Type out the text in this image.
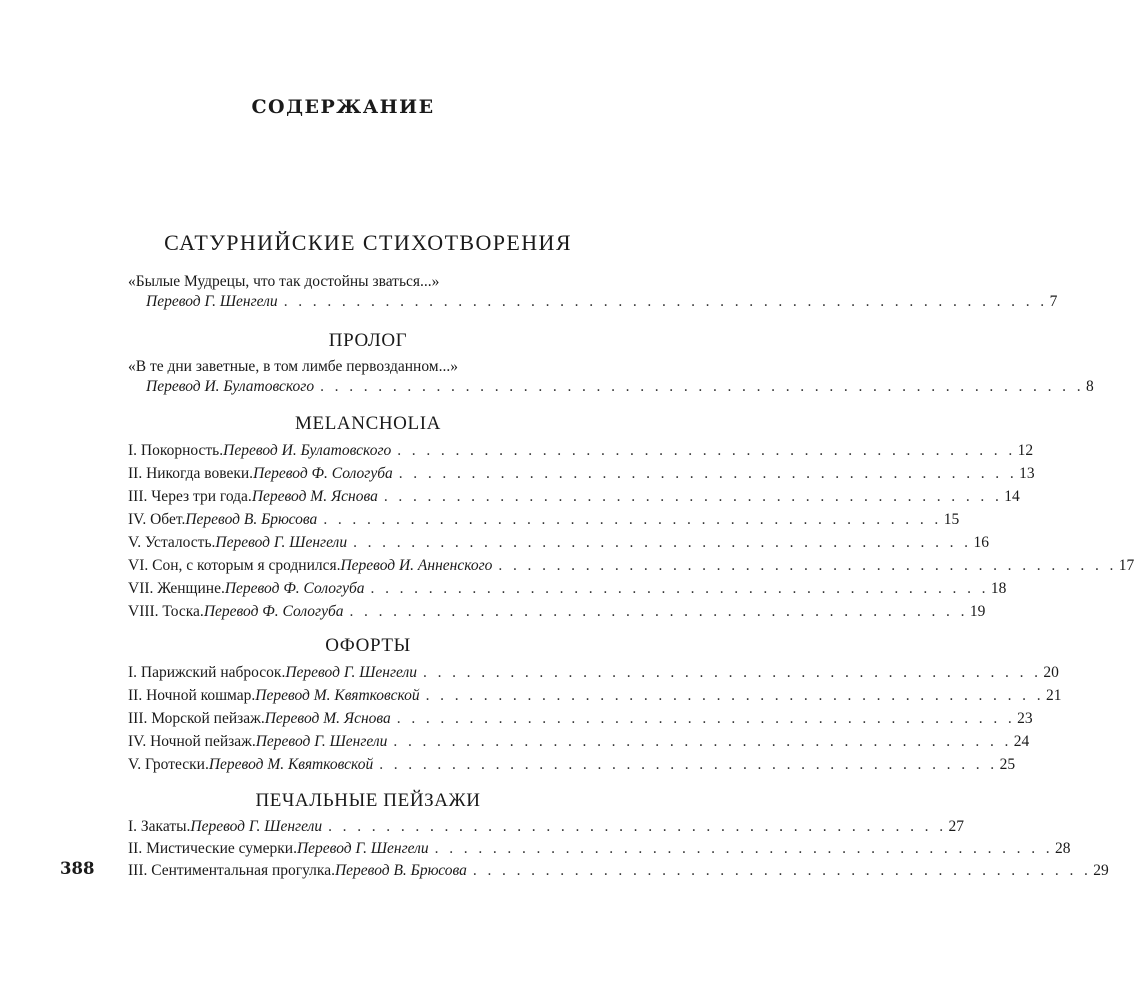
СОДЕРЖАНИЕ
САТУРНИЙСКИЕ СТИХОТВОРЕНИЯ
«Былые Мудрецы, что так достойны зваться...»
Перевод Г. Шенгели . . . . . . . . . . . . . . . . . . . . . . . . . . . . . . . . . . . . . . . . . . . . . . . . . . . . . 7
ПРОЛОГ
«В те дни заветные, в том лимбе первозданном...»
Перевод И. Булатовского . . . . . . . . . . . . . . . . . . . . . . . . . . . . . . . . . . . . . . . . . . . . . . . . . . . . . 8
MELANCHOLIA
I. Покорность. Перевод И. Булатовского . . . . . . . . . . . . . . . . . . . . . . . . . . . . . . . . . . . . . . . . . . . 12
II. Никогда вовеки. Перевод Ф. Сологуба . . . . . . . . . . . . . . . . . . . . . . . . . . . . . . . . . . . . . . . . . . . 13
III. Через три года. Перевод М. Яснова . . . . . . . . . . . . . . . . . . . . . . . . . . . . . . . . . . . . . . . . . . . 14
IV. Обет. Перевод В. Брюсова . . . . . . . . . . . . . . . . . . . . . . . . . . . . . . . . . . . . . . . . . . . 15
V. Усталость. Перевод Г. Шенгели . . . . . . . . . . . . . . . . . . . . . . . . . . . . . . . . . . . . . . . . . . . 16
VI. Сон, с которым я сроднился. Перевод И. Анненского . . . . . . . . . . . . . . . . . . . . . . . . . . . . . . . . . . . . . . . . . . . 17
VII. Женщине. Перевод Ф. Сологуба . . . . . . . . . . . . . . . . . . . . . . . . . . . . . . . . . . . . . . . . . . . 18
VIII. Тоска. Перевод Ф. Сологуба . . . . . . . . . . . . . . . . . . . . . . . . . . . . . . . . . . . . . . . . . . . 19
ОФОРТЫ
I. Парижский набросок. Перевод Г. Шенгели . . . . . . . . . . . . . . . . . . . . . . . . . . . . . . . . . . . . . . . . . . . 20
II. Ночной кошмар. Перевод М. Квятковской . . . . . . . . . . . . . . . . . . . . . . . . . . . . . . . . . . . . . . . . . . . 21
III. Морской пейзаж. Перевод М. Яснова . . . . . . . . . . . . . . . . . . . . . . . . . . . . . . . . . . . . . . . . . . . 23
IV. Ночной пейзаж. Перевод Г. Шенгели . . . . . . . . . . . . . . . . . . . . . . . . . . . . . . . . . . . . . . . . . . . 24
V. Гротески. Перевод М. Квятковской . . . . . . . . . . . . . . . . . . . . . . . . . . . . . . . . . . . . . . . . . . . 25
ПЕЧАЛЬНЫЕ ПЕЙЗАЖИ
I. Закаты. Перевод Г. Шенгели . . . . . . . . . . . . . . . . . . . . . . . . . . . . . . . . . . . . . . . . . . . 27
II. Мистические сумерки. Перевод Г. Шенгели . . . . . . . . . . . . . . . . . . . . . . . . . . . . . . . . . . . . . . . . . . . 28
III. Сентиментальная прогулка. Перевод В. Брюсова . . . . . . . . . . . . . . . . . . . . . . . . . . . . . . . . . . . . . . . . . . . 29
388
